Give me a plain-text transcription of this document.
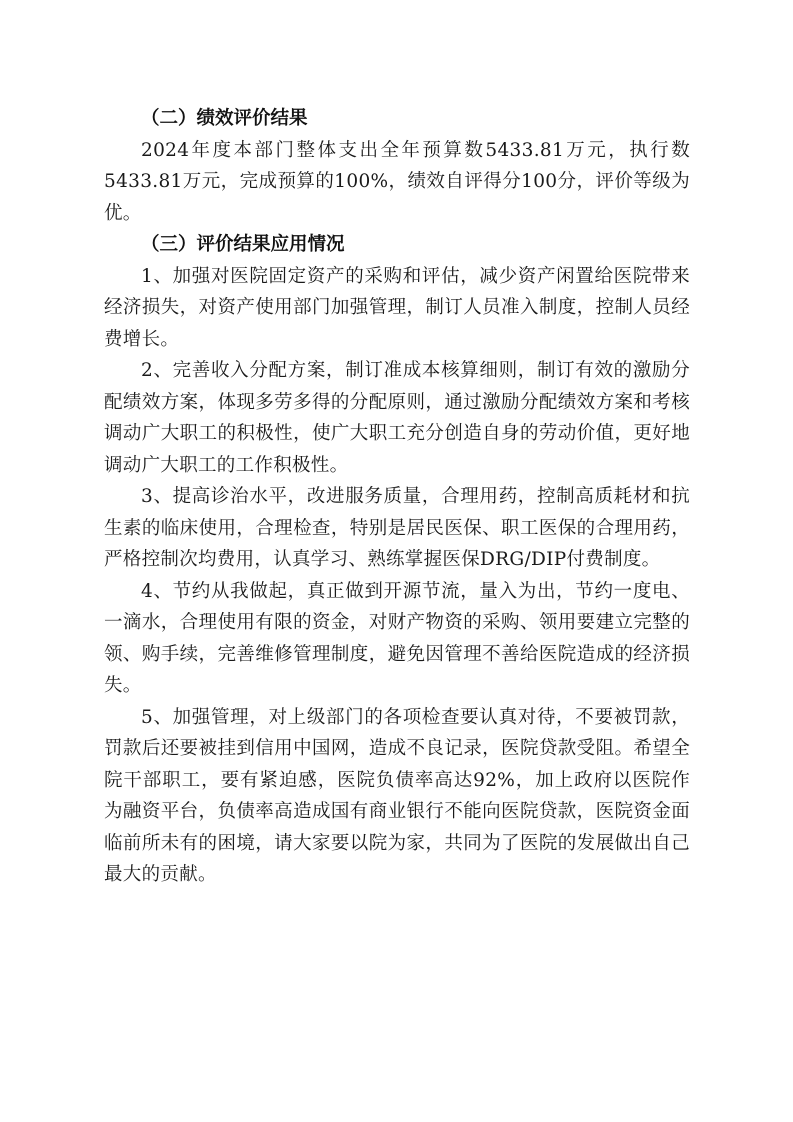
（二）绩效评价结果

2024年度本部门整体支出全年预算数5433.81万元，执行数5433.81万元，完成预算的100%，绩效自评得分100分，评价等级为优。

（三）评价结果应用情况

1、加强对医院固定资产的采购和评估，减少资产闲置给医院带来经济损失，对资产使用部门加强管理，制订人员准入制度，控制人员经费增长。

2、完善收入分配方案，制订准成本核算细则，制订有效的激励分配绩效方案，体现多劳多得的分配原则，通过激励分配绩效方案和考核调动广大职工的积极性，使广大职工充分创造自身的劳动价值，更好地调动广大职工的工作积极性。

3、提高诊治水平，改进服务质量，合理用药，控制高质耗材和抗生素的临床使用，合理检查，特别是居民医保、职工医保的合理用药，严格控制次均费用，认真学习、熟练掌握医保DRG/DIP付费制度。

4、节约从我做起，真正做到开源节流，量入为出，节约一度电、一滴水，合理使用有限的资金，对财产物资的采购、领用要建立完整的领、购手续，完善维修管理制度，避免因管理不善给医院造成的经济损失。

5、加强管理，对上级部门的各项检查要认真对待，不要被罚款，罚款后还要被挂到信用中国网，造成不良记录，医院贷款受阻。希望全院干部职工，要有紧迫感，医院负债率高达92%，加上政府以医院作为融资平台，负债率高造成国有商业银行不能向医院贷款，医院资金面临前所未有的困境，请大家要以院为家，共同为了医院的发展做出自己最大的贡献。
